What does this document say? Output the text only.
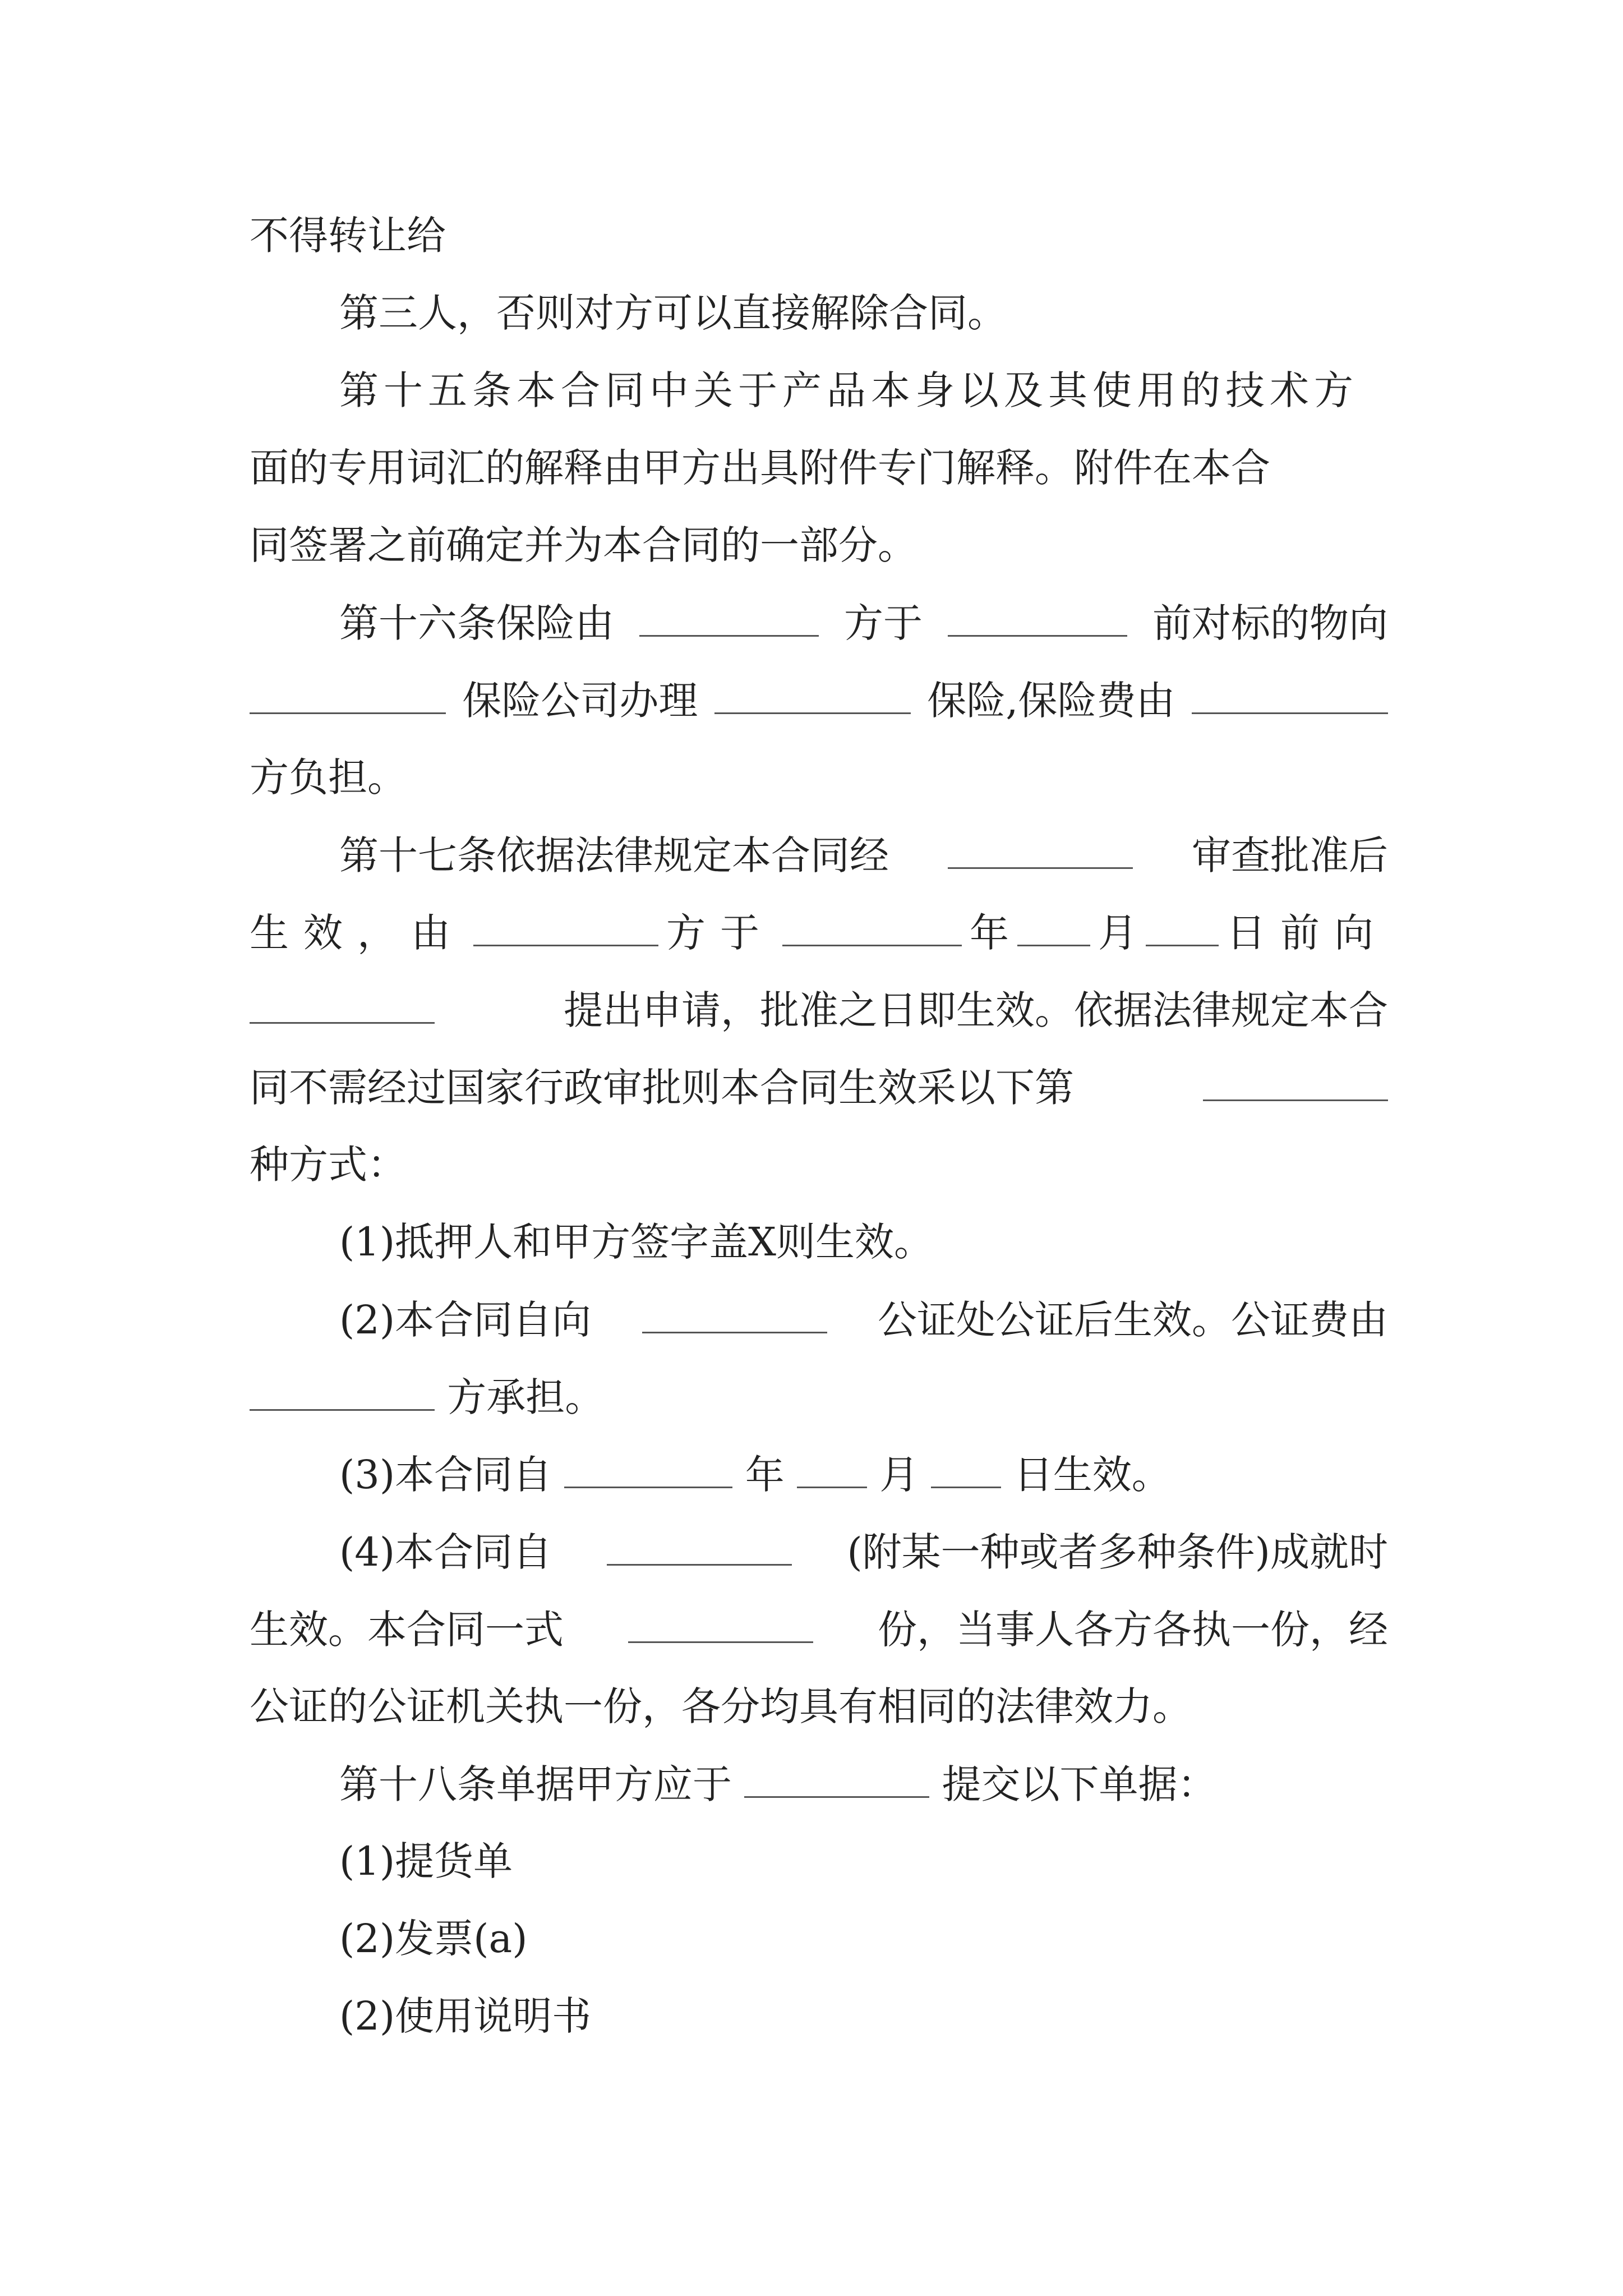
不得转让给
第三人，否则对方可以直接解除合同。
第十五条本合同中关于产品本身以及其使用的技术方
面的专用词汇的解释由甲方出具附件专门解释。附件在本合
同签署之前确定并为本合同的一部分。
第十六条保险由	方于	前对标的物向
保险公司办理	保险,保险费由
方负担。
第十七条依据法律规定本合同经	审查批准后
生效，由	方于	年 月 日前向
提出申请，批准之日即生效。依据法律规定本合
同不需经过国家行政审批则本合同生效采以下第
种方式：
(1)抵押人和甲方签字盖X则生效。
(2)本合同自向	公证处公证后生效。公证费由
方承担。
(3)本合同自	年 月 日生效。
(4)本合同自	(附某一种或者多种条件)成就时
生效。本合同一式	份，当事人各方各执一份，经
公证的公证机关执一份，各分均具有相同的法律效力。
第十八条单据甲方应于	提交以下单据：
(1)提货单
(2)发票(a)
(2)使用说明书
